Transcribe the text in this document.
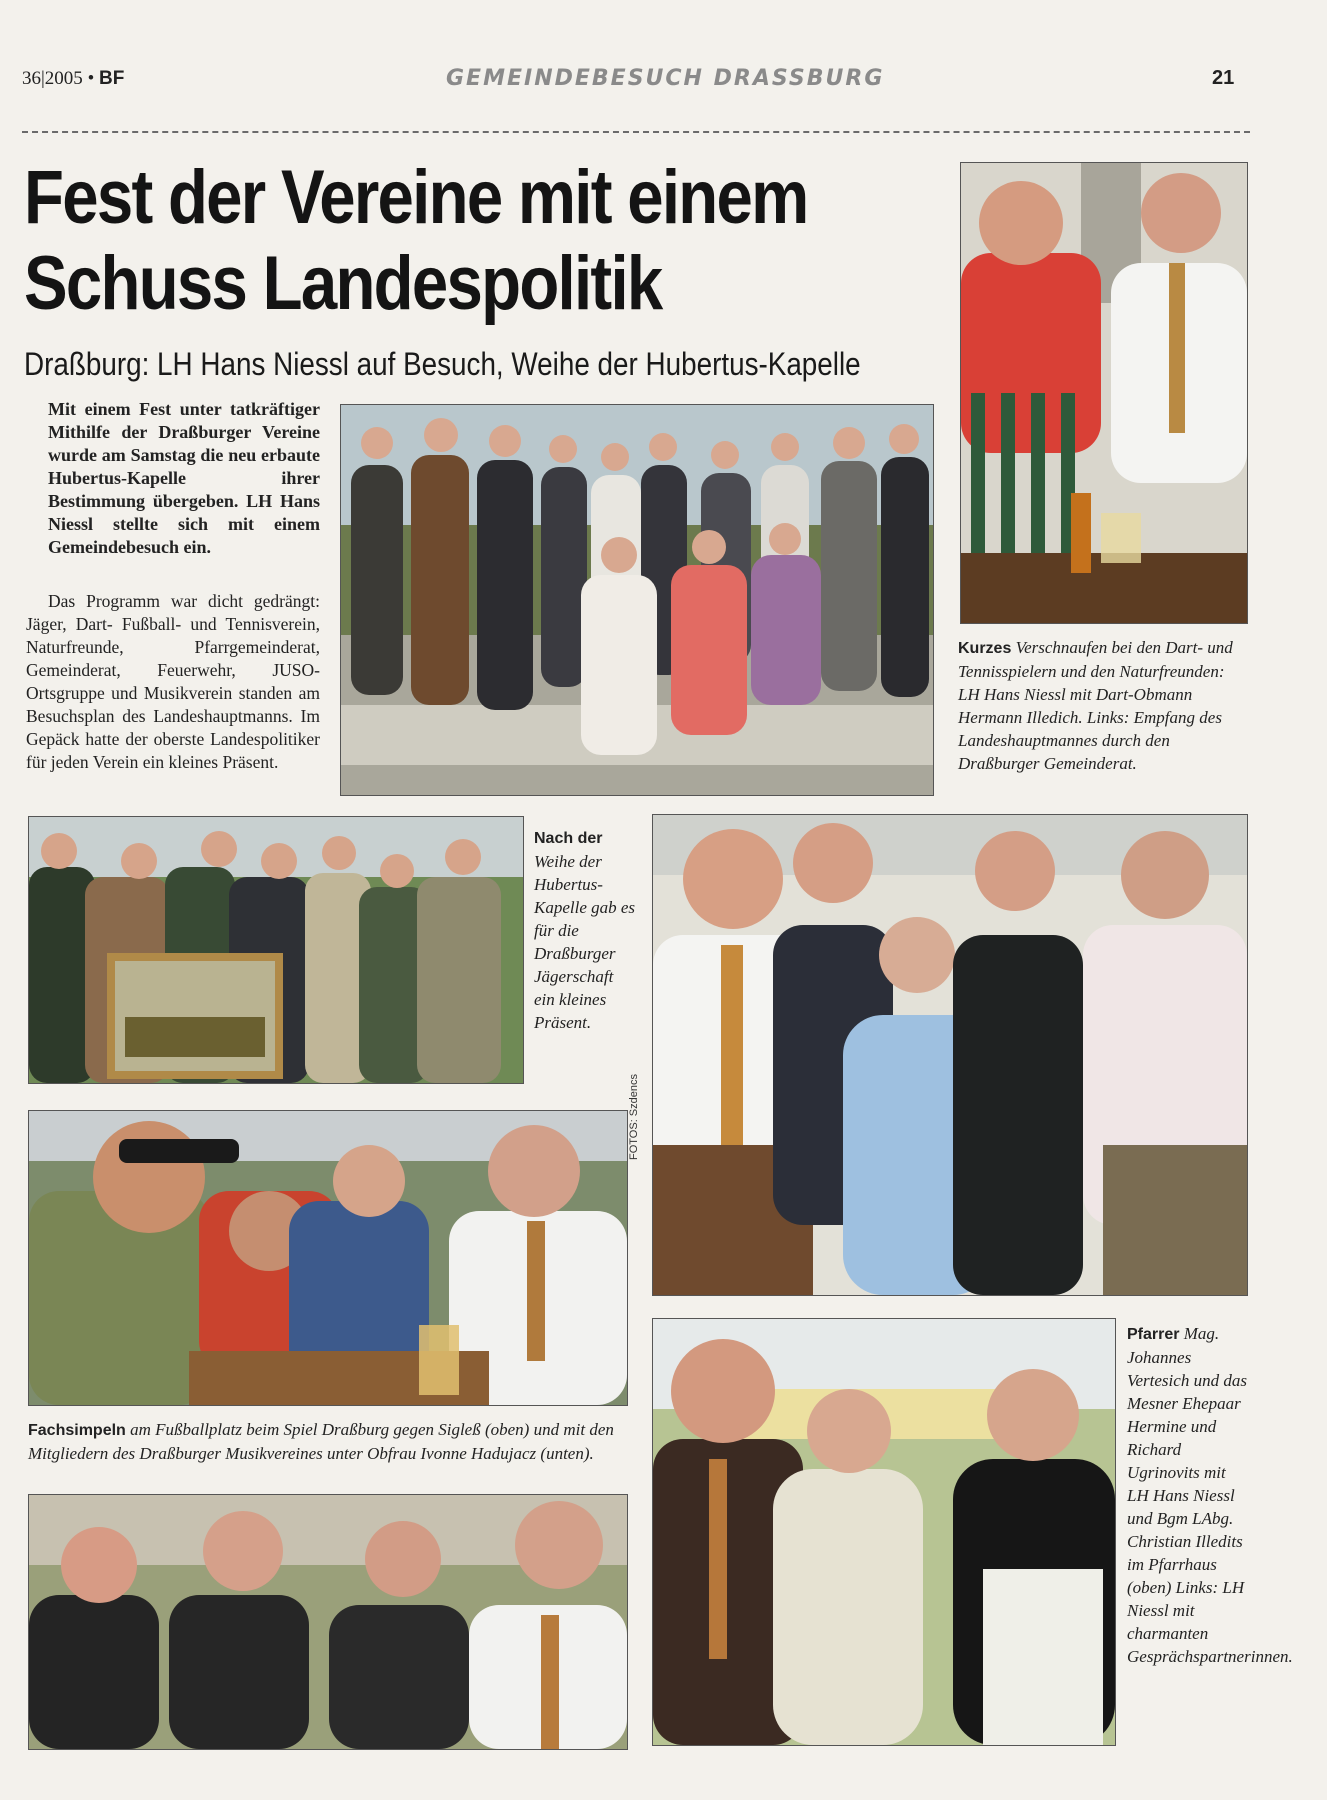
36|2005 • BF	GEMEINDEBESUCH DRASSBURG	21
Fest der Vereine mit einem
Schuss Landespolitik
Draßburg: LH Hans Niessl auf Besuch, Weihe der Hubertus-Kapelle
Mit einem Fest unter tatkräftiger Mithilfe der Draßburger Vereine wurde am Samstag die neu erbaute Hubertus-Kapelle ihrer Bestimmung übergeben. LH Hans Niessl stellte sich mit einem Gemeindebesuch ein.

Das Programm war dicht gedrängt: Jäger, Dart- Fußball- und Tennisverein, Naturfreunde, Pfarrgemeinderat, Gemeinderat, Feuerwehr, JUSO-Ortsgruppe und Musikverein standen am Besuchsplan des Landeshauptmanns. Im Gepäck hatte der oberste Landespolitiker für jeden Verein ein kleines Präsent.

Kurzes Verschnaufen bei den Dart- und Tennisspielern und den Naturfreunden: LH Hans Niessl mit Dart-Obmann Hermann Illedich. Links: Empfang des Landeshauptmannes durch den Draßburger Gemeinderat.
Nach der Weihe der Hubertus-Kapelle gab es für die Draßburger Jägerschaft ein kleines Präsent.
FOTOS: Szdencs
Fachsimpeln am Fußballplatz beim Spiel Draßburg gegen Sigleß (oben) und mit den Mitgliedern des Draßburger Musikvereines unter Obfrau Ivonne Hadujacz (unten).
Pfarrer Mag. Johannes Vertesich und das Mesner Ehepaar Hermine und Richard Ugrinovits mit LH Hans Niessl und Bgm LAbg. Christian Illedits im Pfarrhaus (oben) Links: LH Niessl mit charmanten Gesprächspartnerinnen.
